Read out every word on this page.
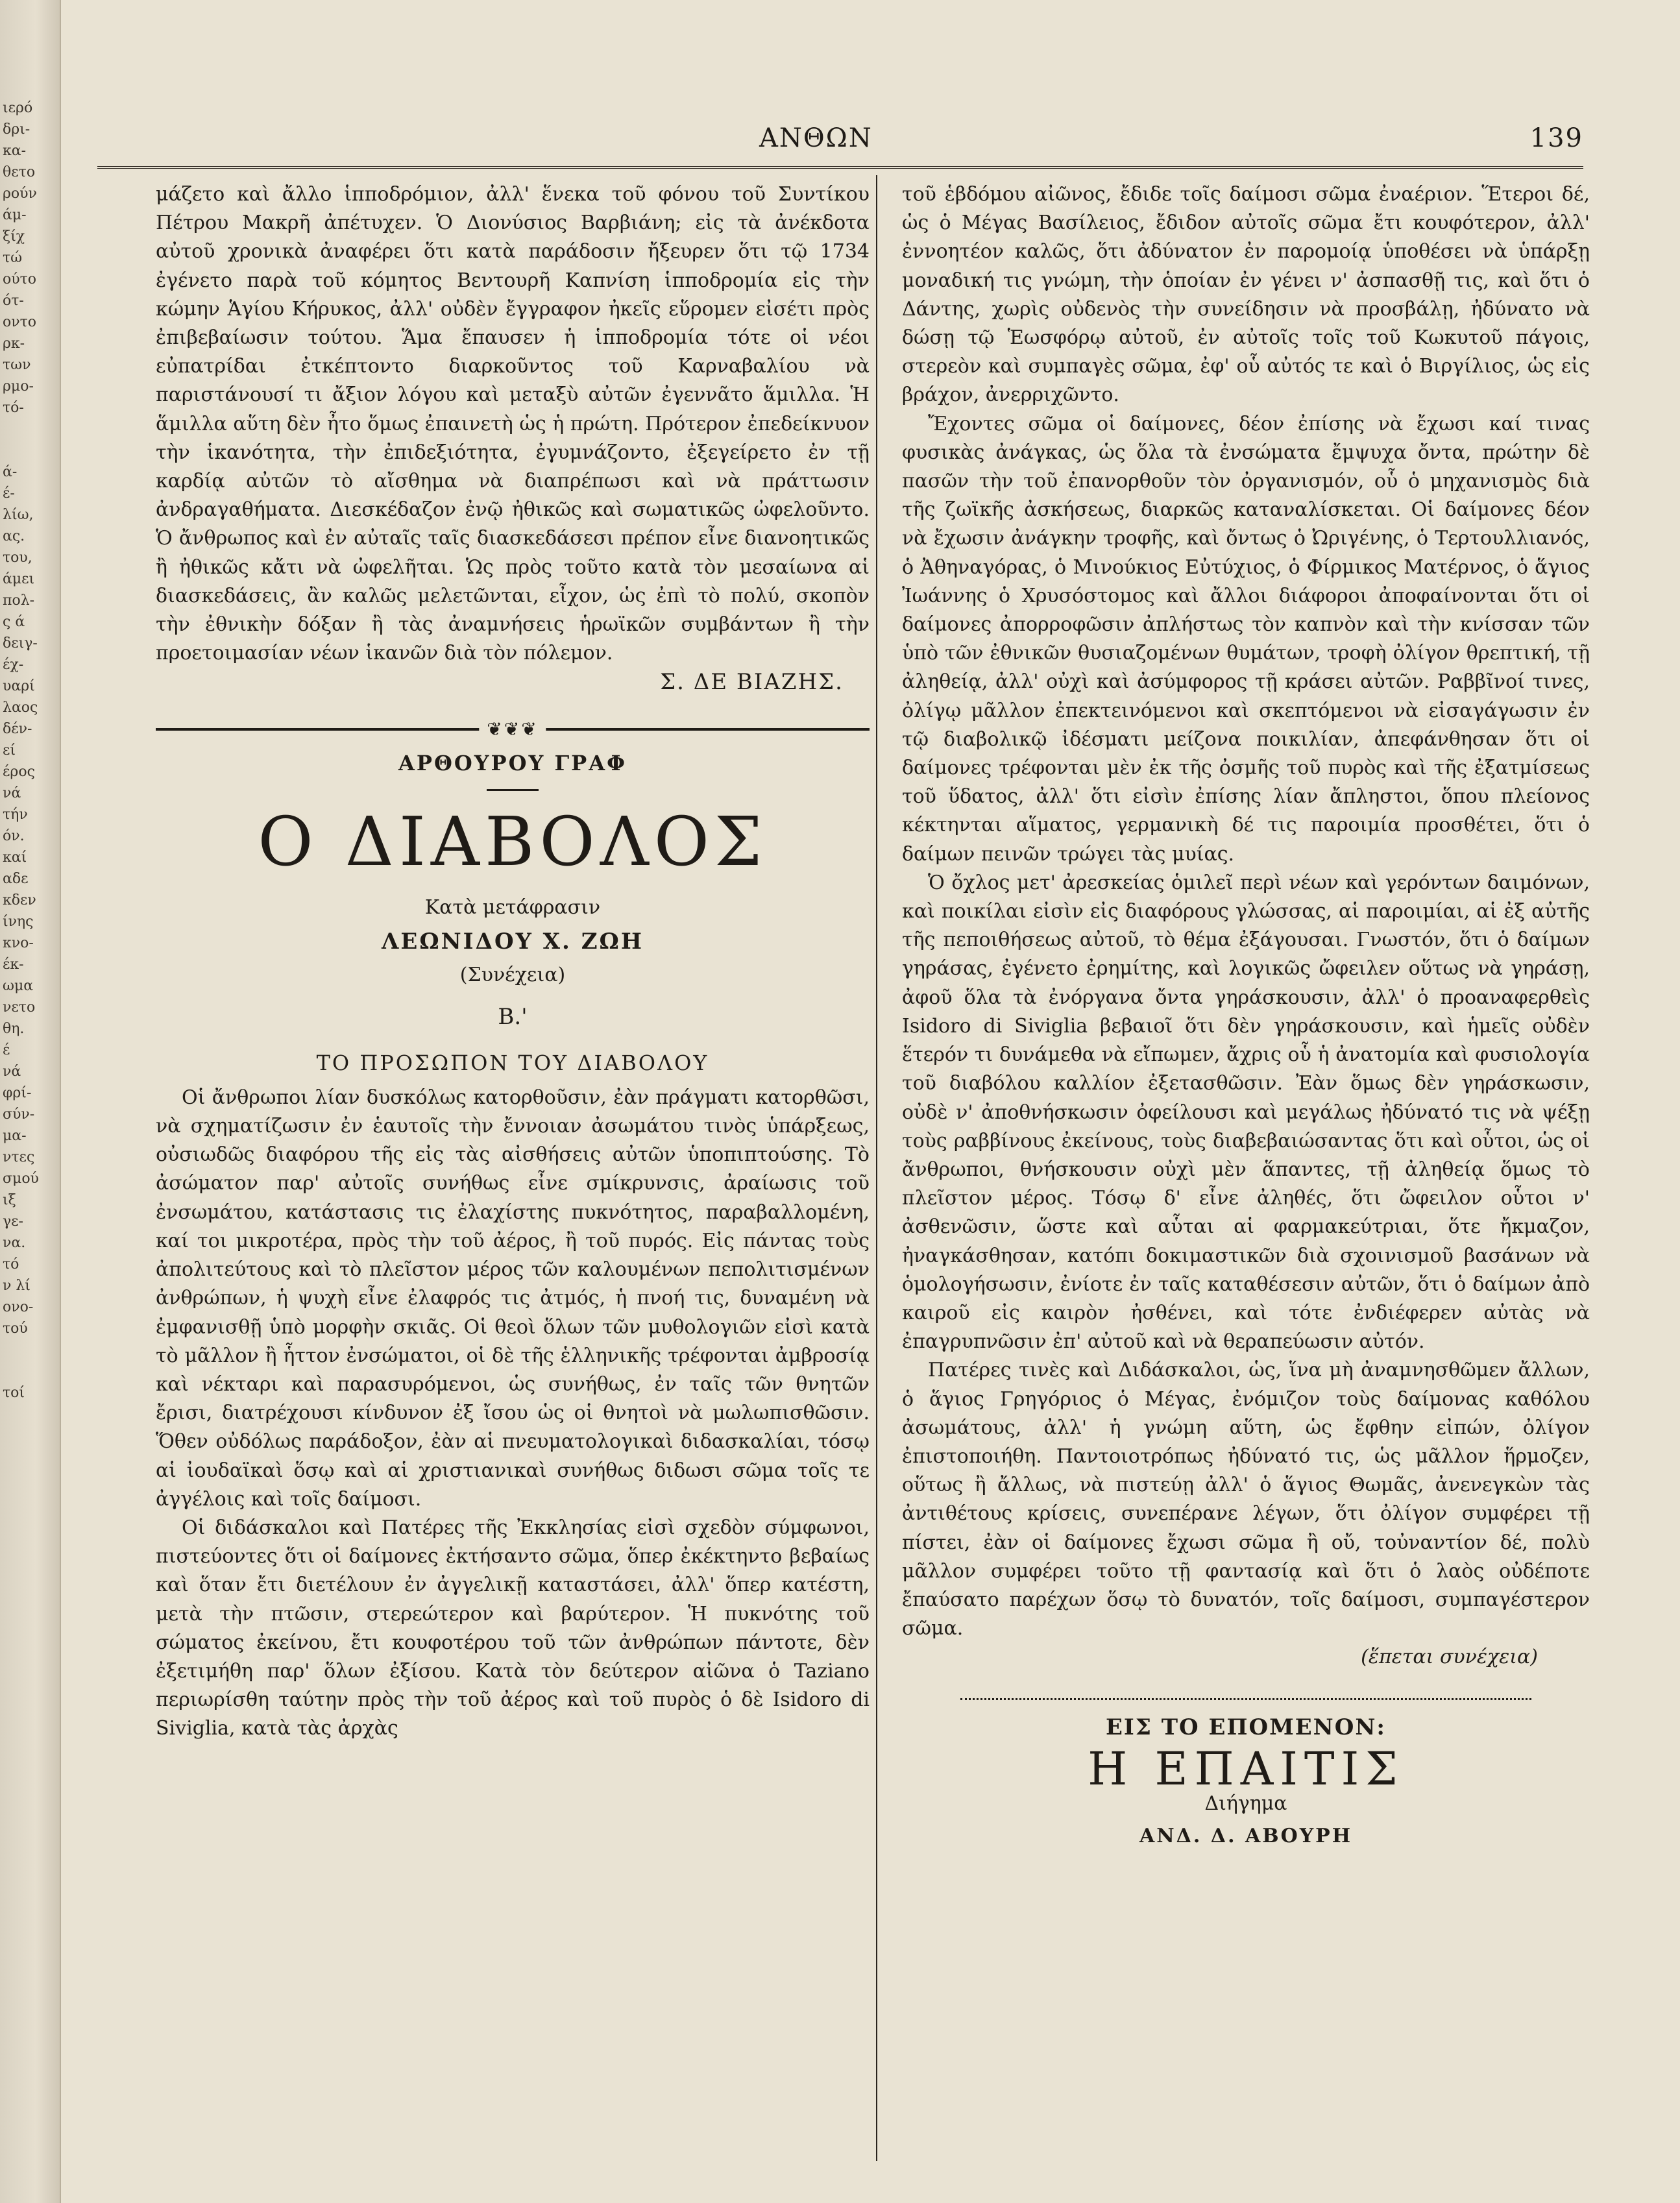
ιερό
δρι-
κα-
θετο
ρούν
άμ-
ξίχ
τώ
ούτο
ότ-
οντο
ρκ-
των
ρμο-
τό-

ά-
έ-
λίω,
ας.
του,
άμει
πολ-
ς ά
δειγ-
έχ-
υαρί
λαος
δέν-
εί
έρος
νά
τήν
όν.
καί
αδε
κδεν
ίνης
κνο-
έκ-
ωμα
νετο
θη.
έ
νά
φρί-
σύν-
μα-
ντες
σμού
ιξ
γε-
να.
τό
ν λί
ονο-
τού

τοί
ΑΝΘΩΝ	139

μάζετο καὶ ἄλλο ἱπποδρόμιον, ἀλλ' ἕνεκα τοῦ φόνου τοῦ Συντίκου Πέτρου Μακρῆ ἀπέτυχεν. Ὁ Διονύσιος Βαρβιάνη; εἰς τὰ ἀνέκδοτα αὐτοῦ χρονικὰ ἀναφέρει ὅτι κατὰ παράδοσιν ἤξευρεν ὅτι τῷ 1734 ἐγένετο παρὰ τοῦ κόμητος Βεντουρῆ Καπνίση ἱπποδρομία εἰς τὴν κώμην Ἁγίου Κήρυκος, ἀλλ' οὐδὲν ἔγγραφον ἠκεῖς εὕρομεν εἰσέτι πρὸς ἐπιβεβαίωσιν τούτου. Ἅμα ἔπαυσεν ἡ ἱπποδρομία τότε οἱ νέοι εὐπατρίδαι ἐτκέπτοντο διαρκοῦντος τοῦ Καρναβαλίου νὰ παριστάνουσί τι ἄξιον λόγου καὶ μεταξὺ αὐτῶν ἐγεννᾶτο ἅμιλλα. Ἡ ἅμιλλα αὕτη δὲν ἦτο ὅμως ἐπαινετὴ ὡς ἡ πρώτη. Πρότερον ἐπεδείκνυον τὴν ἱκανότητα, τὴν ἐπιδεξιότητα, ἐγυμνάζοντο, ἐξεγείρετο ἐν τῇ καρδίᾳ αὐτῶν τὸ αἴσθημα νὰ διαπρέπωσι καὶ νὰ πράττωσιν ἀνδραγαθήματα. Διεσκέδαζον ἐνῷ ἠθικῶς καὶ σωματικῶς ὠφελοῦντο. Ὁ ἄνθρωπος καὶ ἐν αὐταῖς ταῖς διασκεδάσεσι πρέπον εἶνε διανοητικῶς ἢ ἠθικῶς κἄτι νὰ ὠφελῆται. Ὡς πρὸς τοῦτο κατὰ τὸν μεσαίωνα αἱ διασκεδάσεις, ἂν καλῶς μελετῶνται, εἶχον, ὡς ἐπὶ τὸ πολύ, σκοπὸν τὴν ἐθνικὴν δόξαν ἢ τὰς ἀναμνήσεις ἡρωϊκῶν συμβάντων ἢ τὴν προετοιμασίαν νέων ἱκανῶν διὰ τὸν πόλεμον.

Σ. ΔΕ ΒΙΑΖΗΣ.

❦❦❦
ΑΡΘΟΥΡΟΥ ΓΡΑΦ
Ο ΔΙΑΒΟΛΟΣ
Κατὰ μετάφρασιν
ΛΕΩΝΙΔΟΥ Χ. ΖΩΗ
(Συνέχεια)
Β.'
ΤΟ ΠΡΟΣΩΠΟΝ ΤΟΥ ΔΙΑΒΟΛΟΥ

Οἱ ἄνθρωποι λίαν δυσκόλως κατορθοῦσιν, ἐὰν πράγματι κατορθῶσι, νὰ σχηματίζωσιν ἐν ἑαυτοῖς τὴν ἔννοιαν ἀσωμάτου τινὸς ὑπάρξεως, οὐσιωδῶς διαφόρου τῆς εἰς τὰς αἰσθήσεις αὐτῶν ὑποπιπτούσης. Τὸ ἀσώματον παρ' αὐτοῖς συνήθως εἶνε σμίκρυνσις, ἀραίωσις τοῦ ἐνσωμάτου, κατάστασις τις ἐλαχίστης πυκνότητος, παραβαλλομένη, καί τοι μικροτέρα, πρὸς τὴν τοῦ ἀέρος, ἢ τοῦ πυρός. Εἰς πάντας τοὺς ἀπολιτεύτους καὶ τὸ πλεῖστον μέρος τῶν καλουμένων πεπολιτισμένων ἀνθρώπων, ἡ ψυχὴ εἶνε ἐλαφρός τις ἀτμός, ἡ πνοή τις, δυναμένη νὰ ἐμφανισθῇ ὑπὸ μορφὴν σκιᾶς. Οἱ θεοὶ ὅλων τῶν μυθολογιῶν εἰσὶ κατὰ τὸ μᾶλλον ἢ ἧττον ἐνσώματοι, οἱ δὲ τῆς ἑλληνικῆς τρέφονται ἀμβροσίᾳ καὶ νέκταρι καὶ παρασυρόμενοι, ὡς συνήθως, ἐν ταῖς τῶν θνητῶν ἔρισι, διατρέχουσι κίνδυνον ἐξ ἴσου ὡς οἱ θνητοὶ νὰ μωλωπισθῶσιν. Ὅθεν οὐδόλως παράδοξον, ἐὰν αἱ πνευματολογικαὶ διδασκαλίαι, τόσῳ αἱ ἰουδαϊκαὶ ὅσῳ καὶ αἱ χριστιανικαὶ συνήθως διδωσι σῶμα τοῖς τε ἀγγέλοις καὶ τοῖς δαίμοσι.

Οἱ διδάσκαλοι καὶ Πατέρες τῆς Ἐκκλησίας εἰσὶ σχεδὸν σύμφωνοι, πιστεύοντες ὅτι οἱ δαίμονες ἐκτήσαντο σῶμα, ὅπερ ἐκέκτηντο βεβαίως καὶ ὅταν ἔτι διετέλουν ἐν ἀγγελικῇ καταστάσει, ἀλλ' ὅπερ κατέστη, μετὰ τὴν πτῶσιν, στερεώτερον καὶ βαρύτερον. Ἡ πυκνότης τοῦ σώματος ἐκείνου, ἔτι κουφοτέρου τοῦ τῶν ἀνθρώπων πάντοτε, δὲν ἐξετιμήθη παρ' ὅλων ἐξίσου. Κατὰ τὸν δεύτερον αἰῶνα ὁ Taziano περιωρίσθη ταύτην πρὸς τὴν τοῦ ἀέρος καὶ τοῦ πυρὸς ὁ δὲ Isidoro di Siviglia, κατὰ τὰς ἀρχὰς

τοῦ ἑβδόμου αἰῶνος, ἔδιδε τοῖς δαίμοσι σῶμα ἐναέριον. Ἕτεροι δέ, ὡς ὁ Μέγας Βασίλειος, ἔδιδον αὐτοῖς σῶμα ἔτι κουφότερον, ἀλλ' ἐννοητέον καλῶς, ὅτι ἀδύνατον ἐν παρομοίᾳ ὑποθέσει νὰ ὑπάρξῃ μοναδική τις γνώμη, τὴν ὁποίαν ἐν γένει ν' ἀσπασθῇ τις, καὶ ὅτι ὁ Δάντης, χωρὶς οὐδενὸς τὴν συνείδησιν νὰ προσβάλῃ, ἠδύνατο νὰ δώσῃ τῷ Ἑωσφόρῳ αὐτοῦ, ἐν αὐτοῖς τοῖς τοῦ Κωκυτοῦ πάγοις, στερεὸν καὶ συμπαγὲς σῶμα, ἐφ' οὗ αὐτός τε καὶ ὁ Βιργίλιος, ὡς εἰς βράχον, ἀνερριχῶντο.

Ἔχοντες σῶμα οἱ δαίμονες, δέον ἐπίσης νὰ ἔχωσι καί τινας φυσικὰς ἀνάγκας, ὡς ὅλα τὰ ἐνσώματα ἔμψυχα ὄντα, πρώτην δὲ πασῶν τὴν τοῦ ἐπανορθοῦν τὸν ὀργανισμόν, οὗ ὁ μηχανισμὸς διὰ τῆς ζωϊκῆς ἀσκήσεως, διαρκῶς καταναλίσκεται. Οἱ δαίμονες δέον νὰ ἔχωσιν ἀνάγκην τροφῆς, καὶ ὄντως ὁ Ὠριγένης, ὁ Τερτουλλιανός, ὁ Ἀθηναγόρας, ὁ Μινούκιος Εὐτύχιος, ὁ Φίρμικος Ματέρνος, ὁ ἅγιος Ἰωάννης ὁ Χρυσόστομος καὶ ἄλλοι διάφοροι ἀποφαίνονται ὅτι οἱ δαίμονες ἀπορροφῶσιν ἀπλήστως τὸν καπνὸν καὶ τὴν κνίσσαν τῶν ὑπὸ τῶν ἐθνικῶν θυσιαζομένων θυμάτων, τροφὴ ὀλίγον θρεπτική, τῇ ἀληθείᾳ, ἀλλ' οὐχὶ καὶ ἀσύμφορος τῇ κράσει αὐτῶν. Ραββῖνοί τινες, ὀλίγῳ μᾶλλον ἐπεκτεινόμενοι καὶ σκεπτόμενοι νὰ εἰσαγάγωσιν ἐν τῷ διαβολικῷ ἰδέσματι μείζονα ποικιλίαν, ἀπεφάνθησαν ὅτι οἱ δαίμονες τρέφονται μὲν ἐκ τῆς ὀσμῆς τοῦ πυρὸς καὶ τῆς ἐξατμίσεως τοῦ ὕδατος, ἀλλ' ὅτι εἰσὶν ἐπίσης λίαν ἄπληστοι, ὅπου πλείονος κέκτηνται αἵματος, γερμανικὴ δέ τις παροιμία προσθέτει, ὅτι ὁ δαίμων πεινῶν τρώγει τὰς μυίας.

Ὁ ὄχλος μετ' ἀρεσκείας ὁμιλεῖ περὶ νέων καὶ γερόντων δαιμόνων, καὶ ποικίλαι εἰσὶν εἰς διαφόρους γλώσσας, αἱ παροιμίαι, αἱ ἐξ αὐτῆς τῆς πεποιθήσεως αὐτοῦ, τὸ θέμα ἐξάγουσαι. Γνωστόν, ὅτι ὁ δαίμων γηράσας, ἐγένετο ἐρημίτης, καὶ λογικῶς ὤφειλεν οὕτως νὰ γηράσῃ, ἀφοῦ ὅλα τὰ ἐνόργανα ὄντα γηράσκουσιν, ἀλλ' ὁ προαναφερθεὶς Isidoro di Siviglia βεβαιοῖ ὅτι δὲν γηράσκουσιν, καὶ ἡμεῖς οὐδὲν ἕτερόν τι δυνάμεθα νὰ εἴπωμεν, ἄχρις οὗ ἡ ἀνατομία καὶ φυσιολογία τοῦ διαβόλου καλλίον ἐξετασθῶσιν. Ἐὰν ὅμως δὲν γηράσκωσιν, οὐδὲ ν' ἀποθνήσκωσιν ὀφείλουσι καὶ μεγάλως ἠδύνατό τις νὰ ψέξῃ τοὺς ραββίνους ἐκείνους, τοὺς διαβεβαιώσαντας ὅτι καὶ οὗτοι, ὡς οἱ ἄνθρωποι, θνήσκουσιν οὐχὶ μὲν ἅπαντες, τῇ ἀληθείᾳ ὅμως τὸ πλεῖστον μέρος. Τόσῳ δ' εἶνε ἀληθές, ὅτι ὤφειλον οὗτοι ν' ἀσθενῶσιν, ὥστε καὶ αὗται αἱ φαρμακεύτριαι, ὅτε ἤκμαζον, ἠναγκάσθησαν, κατόπι δοκιμαστικῶν διὰ σχοινισμοῦ βασάνων νὰ ὁμολογήσωσιν, ἐνίοτε ἐν ταῖς καταθέσεσιν αὐτῶν, ὅτι ὁ δαίμων ἀπὸ καιροῦ εἰς καιρὸν ἠσθένει, καὶ τότε ἐνδιέφερεν αὐτὰς νὰ ἐπαγρυπνῶσιν ἐπ' αὐτοῦ καὶ νὰ θεραπεύωσιν αὐτόν.

Πατέρες τινὲς καὶ Διδάσκαλοι, ὡς, ἵνα μὴ ἀναμνησθῶμεν ἄλλων, ὁ ἅγιος Γρηγόριος ὁ Μέγας, ἐνόμιζον τοὺς δαίμονας καθόλου ἀσωμάτους, ἀλλ' ἡ γνώμη αὕτη, ὡς ἔφθην εἰπών, ὀλίγον ἐπιστοποιήθη. Παντοιοτρόπως ἠδύνατό τις, ὡς μᾶλλον ἥρμοζεν, οὕτως ἢ ἄλλως, νὰ πιστεύῃ ἀλλ' ὁ ἅγιος Θωμᾶς, ἀνενεγκὼν τὰς ἀντιθέτους κρίσεις, συνεπέρανε λέγων, ὅτι ὀλίγον συμφέρει τῇ πίστει, ἐὰν οἱ δαίμονες ἔχωσι σῶμα ἢ οὔ, τοὐναντίον δέ, πολὺ μᾶλλον συμφέρει τοῦτο τῇ φαντασίᾳ καὶ ὅτι ὁ λαὸς οὐδέποτε ἔπαύσατο παρέχων ὅσῳ τὸ δυνατόν, τοῖς δαίμοσι, συμπαγέστερον σῶμα.

(ἕπεται συνέχεια)

ΕΙΣ ΤΟ ΕΠΟΜΕΝΟΝ:
Η ΕΠΑΙΤΙΣ
Διήγημα
ΑΝΔ. Δ. ΑΒΟΥΡΗ
